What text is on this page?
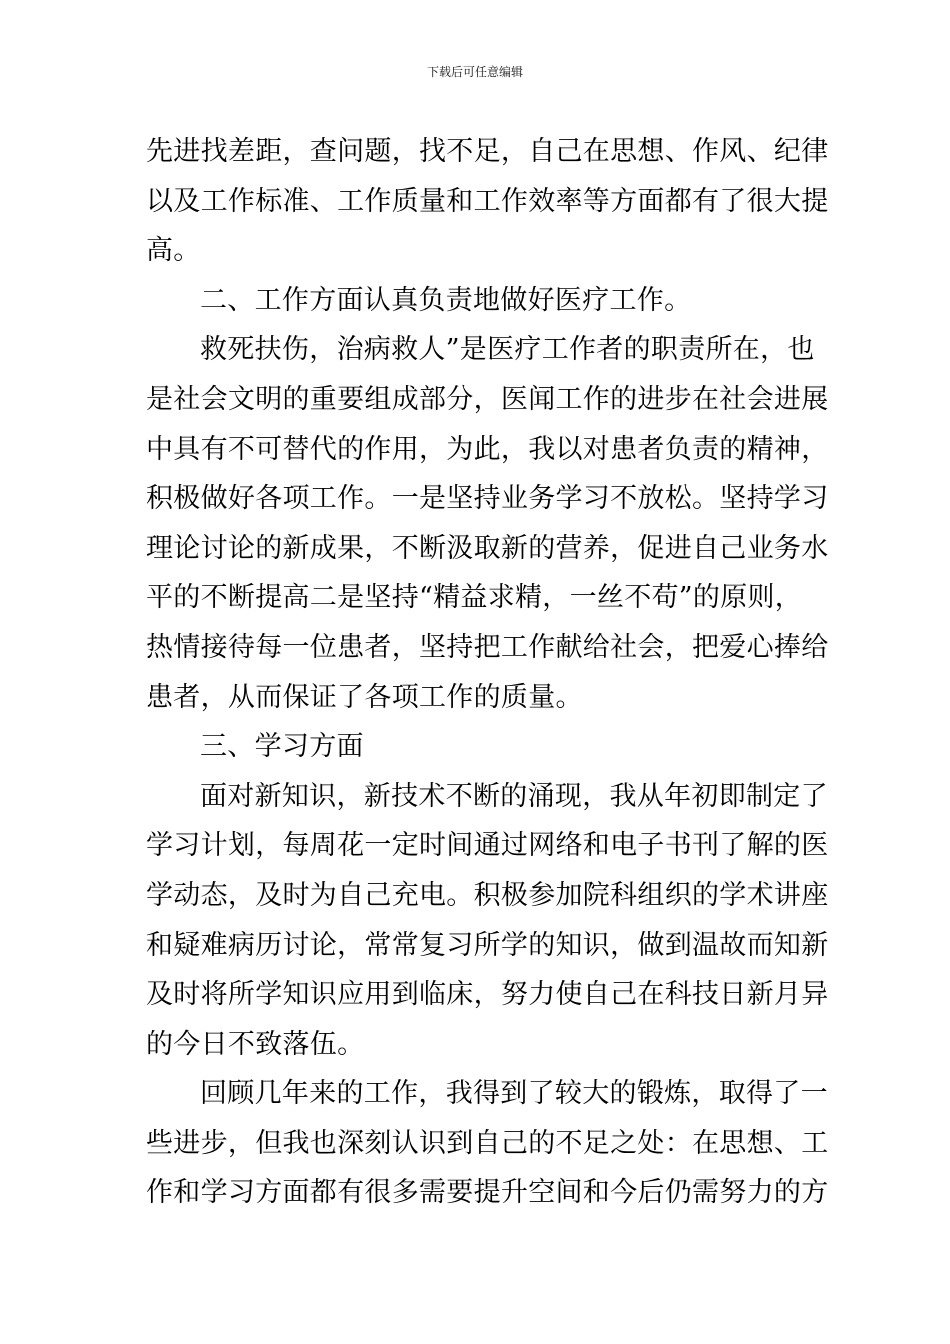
下载后可任意编辑
先进找差距，查问题，找不足，自己在思想、作风、纪律
以及工作标准、工作质量和工作效率等方面都有了很大提
高。
二、工作方面认真负责地做好医疗工作。
救死扶伤，治病救人”是医疗工作者的职责所在，也
是社会文明的重要组成部分，医闻工作的进步在社会进展
中具有不可替代的作用，为此，我以对患者负责的精神，
积极做好各项工作。一是坚持业务学习不放松。坚持学习
理论讨论的新成果，不断汲取新的营养，促进自己业务水
平的不断提高二是坚持“精益求精，一丝不苟”的原则，
热情接待每一位患者，坚持把工作献给社会，把爱心捧给
患者，从而保证了各项工作的质量。
三、学习方面
面对新知识，新技术不断的涌现，我从年初即制定了
学习计划，每周花一定时间通过网络和电子书刊了解的医
学动态，及时为自己充电。积极参加院科组织的学术讲座
和疑难病历讨论，常常复习所学的知识，做到温故而知新
及时将所学知识应用到临床，努力使自己在科技日新月异
的今日不致落伍。
回顾几年来的工作，我得到了较大的锻炼，取得了一
些进步，但我也深刻认识到自己的不足之处：在思想、工
作和学习方面都有很多需要提升空间和今后仍需努力的方
